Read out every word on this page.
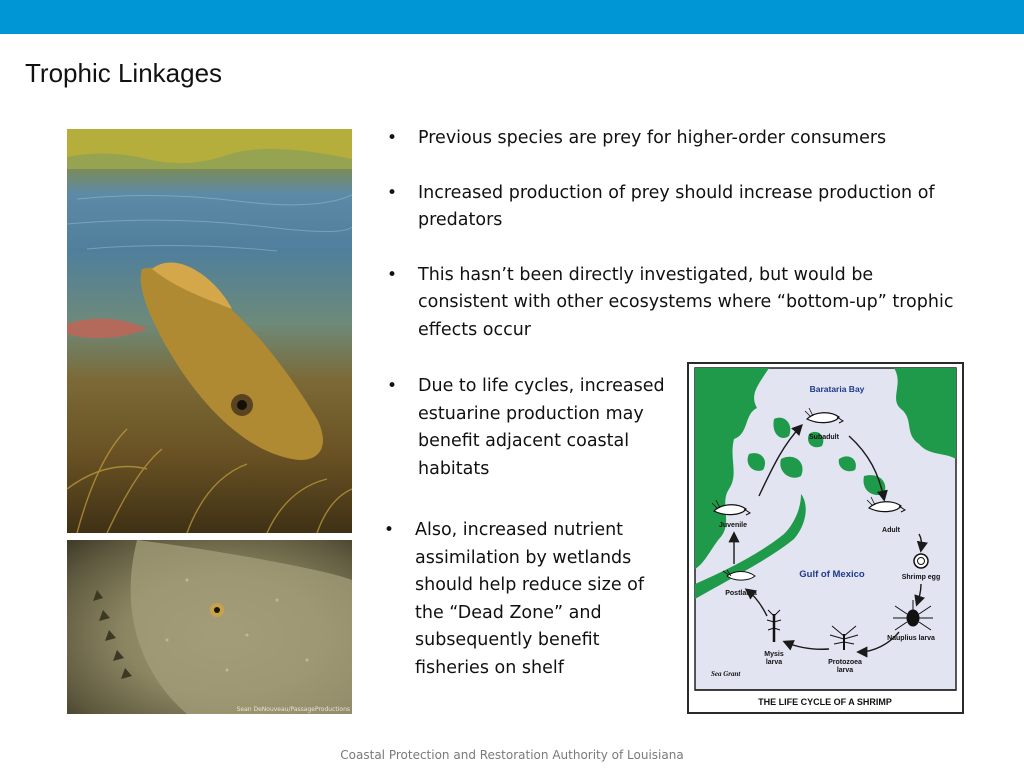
Trophic Linkages
Sean DeNouveau/PassageProductions
• Previous species are prey for higher-order consumers
• Increased production of prey should increase production of predators
• This hasn’t been directly investigated, but would be consistent with other ecosystems where “bottom-up” trophic effects occur
• Due to life cycles, increased estuarine production may benefit adjacent coastal habitats
• Also, increased nutrient assimilation by wetlands should help reduce size of the “Dead Zone” and subsequently benefit fisheries on shelf
Barataria Bay
Gulf of Mexico
Subadult
Adult
Shrimp egg
Nauplius larva
Protozoea
larva
Mysis
larva
Postlarva
Juvenile
Sea Grant
THE LIFE CYCLE OF A SHRIMP
Coastal Protection and Restoration Authority of Louisiana
